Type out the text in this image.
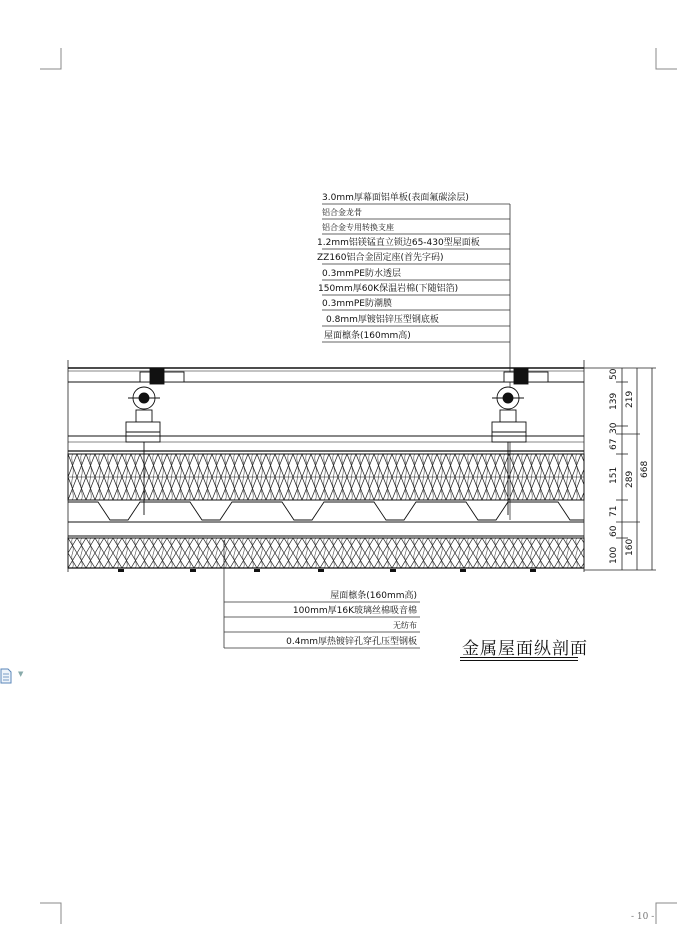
50
139
30
67
151
71
60
100
219
289
160
668
3.0mm厚幕面铝单板(表面氟碳涂层)
铝合金龙骨
铝合金专用转换支座
1.2mm铝镁锰直立锁边65-430型屋面板
ZZ160铝合金固定座(首先字码)
0.3mmPE防水透层
150mm厚60K保温岩棉(下随铝箔)
0.3mmPE防潮膜
0.8mm厚镀铝锌压型钢底板
屋面檩条(160mm高)
屋面檩条(160mm高)
100mm厚16K玻璃丝棉吸音棉
无纺布
0.4mm厚热镀锌孔穿孔压型钢板	金属屋面纵剖面
▼
- 10 -
